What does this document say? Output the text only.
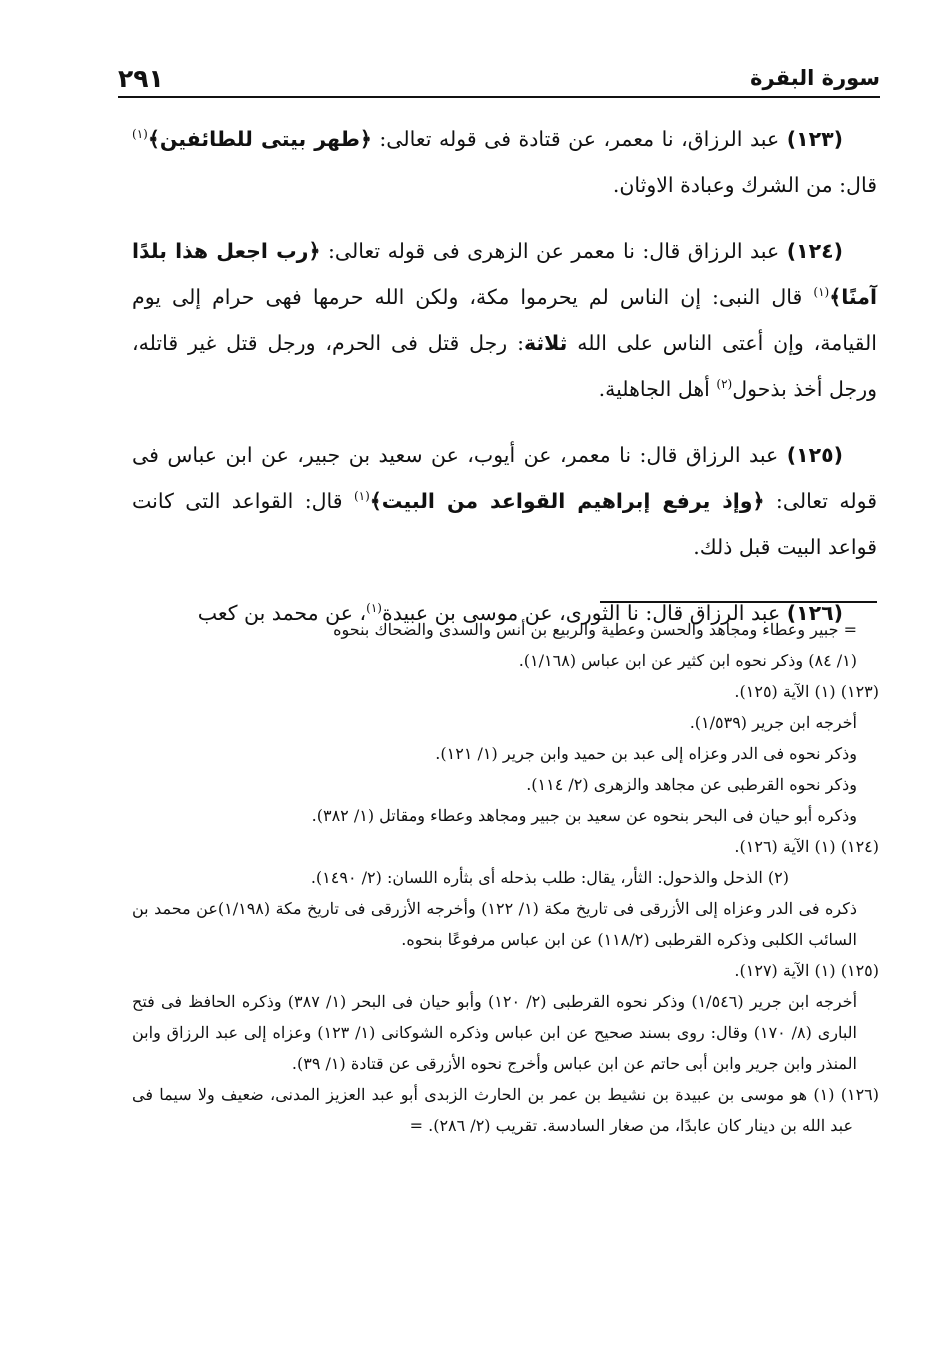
٢٩١	سورة البقرة

(١٢٣) عبد الرزاق، نا معمر، عن قتادة فى قوله تعالى: ﴿طهر بيتى للطائفين﴾$^{(١)}$ قال: من الشرك وعبادة الاوثان.

(١٢٤) عبد الرزاق قال: نا معمر عن الزهرى فى قوله تعالى: ﴿رب اجعل هذا بلدًا آمنًا﴾$^{(١)}$ قال النبى: إن الناس لم يحرموا مكة، ولكن الله حرمها فهى حرام إلى يوم القيامة، وإن أعتى الناس على الله ثلاثة: رجل قتل فى الحرم، ورجل قتل غير قاتله، ورجل أخذ بذحول$^{(٢)}$ أهل الجاهلية.

(١٢٥) عبد الرزاق قال: نا معمر، عن أيوب، عن سعيد بن جبير، عن ابن عباس فى قوله تعالى: ﴿وإذ يرفع إبراهيم القواعد من البيت﴾$^{(١)}$ قال: القواعد التى كانت قواعد البيت قبل ذلك.

(١٢٦) عبد الرزاق قال: نا الثورى، عن موسى بن عبيدة$^{(١)}$، عن محمد بن كعب

= جبير وعطاء ومجاهد والحسن وعطية والربيع بن أنس والسدى والضحاك بنحوه

(١/ ٨٤) وذكر نحوه ابن كثير عن ابن عباس (١/١٦٨).

(١٢٣) (١) الآية (١٢٥).

أخرجه ابن جرير (١/٥٣٩).

وذكر نحوه فى الدر وعزاه إلى عبد بن حميد وابن جرير (١/ ١٢١).

وذكر نحوه القرطبى عن مجاهد والزهرى (٢/ ١١٤).

وذكره أبو حيان فى البحر بنحوه عن سعيد بن جبير ومجاهد وعطاء ومقاتل (١/ ٣٨٢).

(١٢٤) (١) الآية (١٢٦).

(٢) الذحل والذحول: الثأر، يقال: طلب بذحله أى بثأره اللسان: (٢/ ١٤٩٠).

ذكره فى الدر وعزاه إلى الأزرقى فى تاريخ مكة (١/ ١٢٢) وأخرجه الأزرقى فى تاريخ مكة (١/١٩٨)عن محمد بن السائب الكلبى وذكره القرطبى (١١٨/٢) عن ابن عباس مرفوعًا بنحوه.

(١٢٥) (١) الآية (١٢٧).

أخرجه ابن جرير (١/٥٤٦) وذكر نحوه القرطبى (٢/ ١٢٠) وأبو حيان فى البحر (١/ ٣٨٧) وذكره الحافظ فى فتح البارى (٨/ ١٧٠) وقال: روى بسند صحيح عن ابن عباس وذكره الشوكانى (١/ ١٢٣) وعزاه إلى عبد الرزاق وابن المنذر وابن جرير وابن أبى حاتم عن ابن عباس وأخرج نحوه الأزرقى عن قتادة (١/ ٣٩).

(١٢٦) (١) هو موسى بن عبيدة بن نشيط بن عمر بن الحارث الزبدى أبو عبد العزيز المدنى، ضعيف ولا سيما فى عبد الله بن دينار كان عابدًا، من صغار السادسة. تقريب (٢/ ٢٨٦). =
